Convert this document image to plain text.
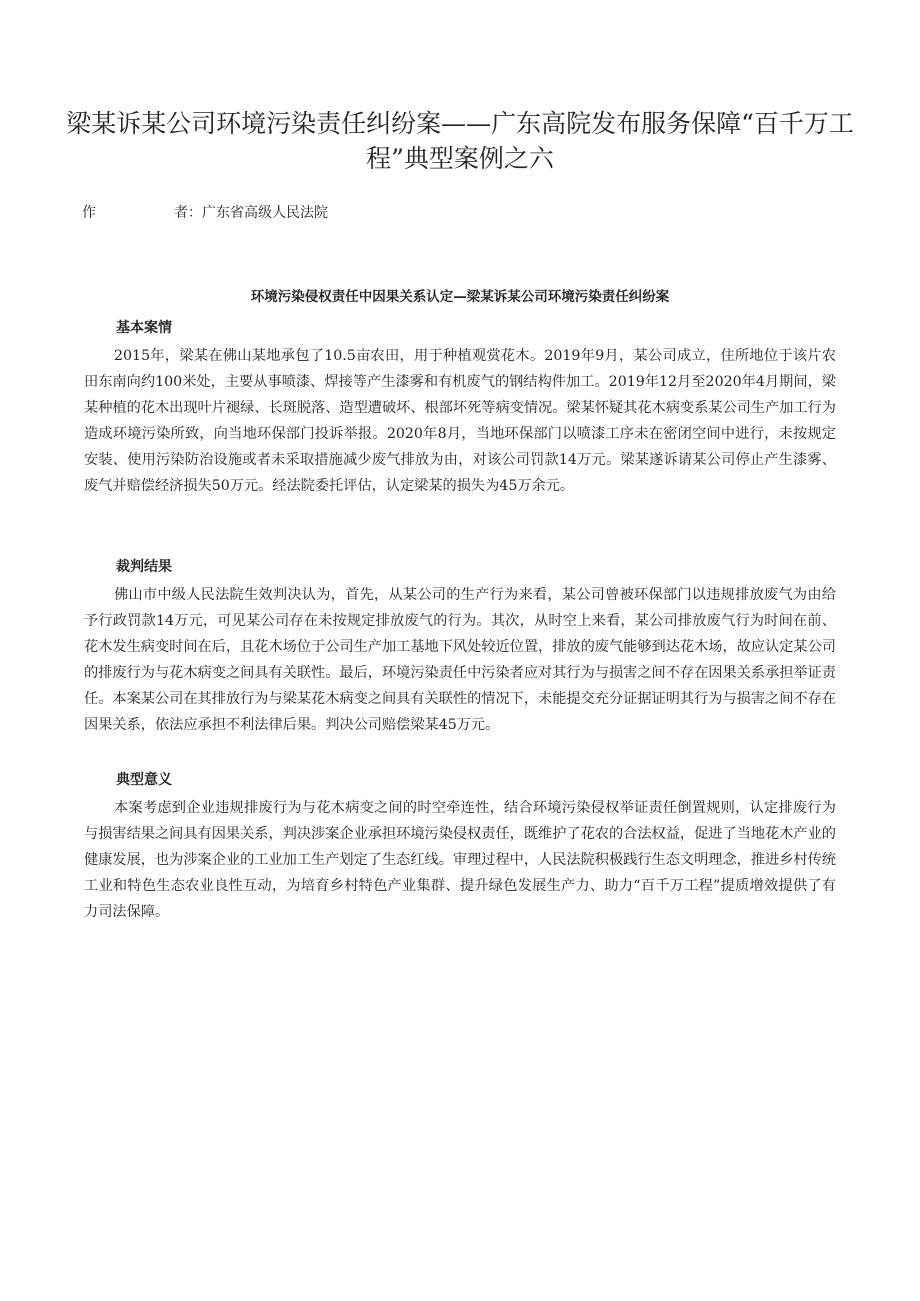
梁某诉某公司环境污染责任纠纷案——广东高院发布服务保障“百千万工程”典型案例之六
作	者：广东省高级人民法院
环境污染侵权责任中因果关系认定—梁某诉某公司环境污染责任纠纷案
基本案情

2015年，梁某在佛山某地承包了10.5亩农田，用于种植观赏花木。2019年9月，某公司成立，住所地位于该片农田东南向约100米处，主要从事喷漆、焊接等产生漆雾和有机废气的钢结构件加工。2019年12月至2020年4月期间，梁某种植的花木出现叶片褪绿、长斑脱落、造型遭破坏、根部坏死等病变情况。梁某怀疑其花木病变系某公司生产加工行为造成环境污染所致，向当地环保部门投诉举报。2020年8月，当地环保部门以喷漆工序未在密闭空间中进行，未按规定安装、使用污染防治设施或者未采取措施减少废气排放为由，对该公司罚款14万元。梁某遂诉请某公司停止产生漆雾、废气并赔偿经济损失50万元。经法院委托评估，认定梁某的损失为45万余元。

裁判结果

佛山市中级人民法院生效判决认为，首先，从某公司的生产行为来看，某公司曾被环保部门以违规排放废气为由给予行政罚款14万元，可见某公司存在未按规定排放废气的行为。其次，从时空上来看，某公司排放废气行为时间在前、花木发生病变时间在后，且花木场位于公司生产加工基地下风处较近位置，排放的废气能够到达花木场，故应认定某公司的排废行为与花木病变之间具有关联性。最后，环境污染责任中污染者应对其行为与损害之间不存在因果关系承担举证责任。本案某公司在其排放行为与梁某花木病变之间具有关联性的情况下，未能提交充分证据证明其行为与损害之间不存在因果关系，依法应承担不利法律后果。判决公司赔偿梁某45万元。

典型意义

本案考虑到企业违规排废行为与花木病变之间的时空牵连性，结合环境污染侵权举证责任倒置规则，认定排废行为与损害结果之间具有因果关系，判决涉案企业承担环境污染侵权责任，既维护了花农的合法权益，促进了当地花木产业的健康发展，也为涉案企业的工业加工生产划定了生态红线。审理过程中，人民法院积极践行生态文明理念，推进乡村传统工业和特色生态农业良性互动，为培育乡村特色产业集群、提升绿色发展生产力、助力“百千万工程”提质增效提供了有力司法保障。
